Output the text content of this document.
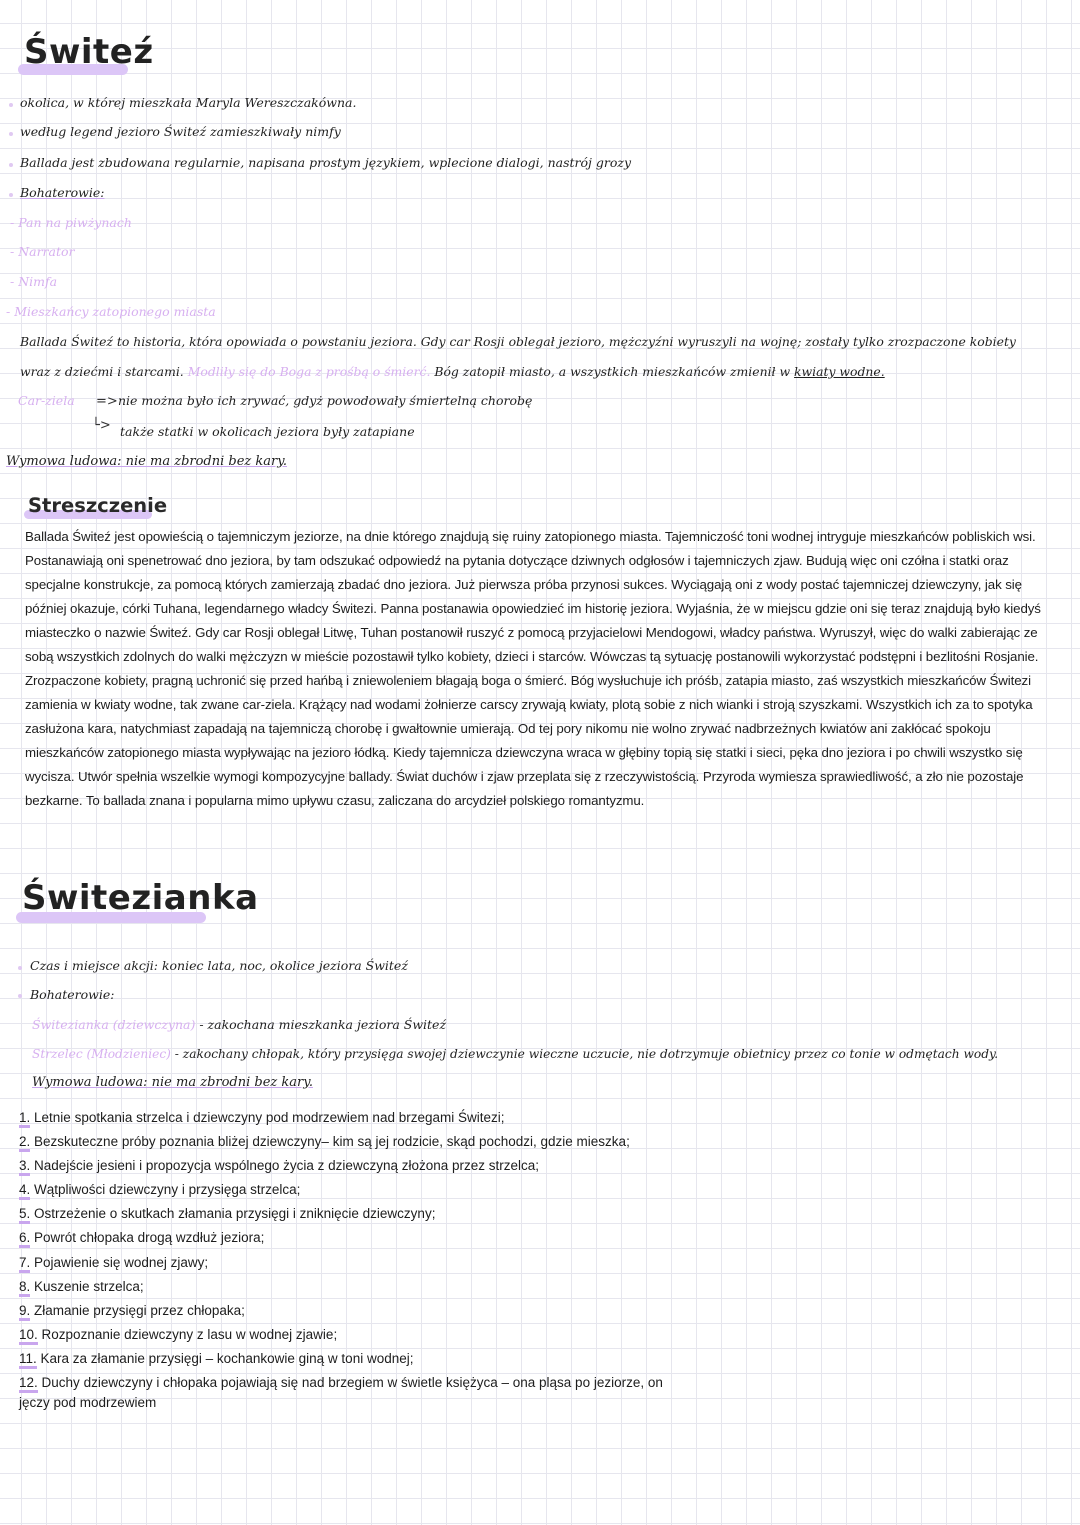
Świteź
okolica, w której mieszkała Maryla Wereszczakówna.
według legend jezioro Świteź zamieszkiwały nimfy
Ballada jest zbudowana regularnie, napisana prostym językiem, wplecione dialogi, nastrój grozy
Bohaterowie:
- Pan na piwżynach
- Narrator
- Nimfa
- Mieszkańcy zatopionego miasta
Ballada Świteź to historia, która opowiada o powstaniu jeziora. Gdy car Rosji oblegał jezioro, mężczyźni wyruszyli na wojnę; zostały tylko zrozpaczone kobiety
wraz z dziećmi i starcami. Modliły się do Boga z prośbą o śmierć. Bóg zatopił miasto, a wszystkich mieszkańców zmienił w kwiaty wodne.
Car-ziela => nie można było ich zrywać, gdyż powodowały śmiertelną chorobę
└> także statki w okolicach jeziora były zatapiane
Wymowa ludowa: nie ma zbrodni bez kary.
Streszczenie

Ballada Świteź jest opowieścią o tajemniczym jeziorze, na dnie którego znajdują się ruiny zatopionego miasta. Tajemniczość toni wodnej intryguje mieszkańców pobliskich wsi. Postanawiają oni spenetrować dno jeziora, by tam odszukać odpowiedź na pytania dotyczące dziwnych odgłosów i tajemniczych zjaw. Budują więc oni czółna i statki oraz specjalne konstrukcje, za pomocą których zamierzają zbadać dno jeziora. Już pierwsza próba przynosi sukces. Wyciągają oni z wody postać tajemniczej dziewczyny, jak się później okazuje, córki Tuhana, legendarnego władcy Świtezi. Panna postanawia opowiedzieć im historię jeziora. Wyjaśnia, że w miejscu gdzie oni się teraz znajdują było kiedyś miasteczko o nazwie Świteź. Gdy car Rosji oblegał Litwę, Tuhan postanowił ruszyć z pomocą przyjacielowi Mendogowi, władcy państwa. Wyruszył, więc do walki zabierając ze sobą wszystkich zdolnych do walki mężczyzn w mieście pozostawił tylko kobiety, dzieci i starców. Wówczas tą sytuację postanowili wykorzystać podstępni i bezlitośni Rosjanie. Zrozpaczone kobiety, pragną uchronić się przed hańbą i zniewoleniem błagają boga o śmierć. Bóg wysłuchuje ich próśb, zatapia miasto, zaś wszystkich mieszkańców Świtezi zamienia w kwiaty wodne, tak zwane car-ziela. Krążący nad wodami żołnierze carscy zrywają kwiaty, plotą sobie z nich wianki i stroją szyszkami. Wszystkich ich za to spotyka zasłużona kara, natychmiast zapadają na tajemniczą chorobę i gwałtownie umierają. Od tej pory nikomu nie wolno zrywać nadbrzeżnych kwiatów ani zakłócać spokoju mieszkańców zatopionego miasta wypływając na jezioro łódką. Kiedy tajemnicza dziewczyna wraca w głębiny topią się statki i sieci, pęka dno jeziora i po chwili wszystko się wycisza. Utwór spełnia wszelkie wymogi kompozycyjne ballady. Świat duchów i zjaw przeplata się z rzeczywistością. Przyroda wymiesza sprawiedliwość, a zło nie pozostaje bezkarne. To ballada znana i popularna mimo upływu czasu, zaliczana do arcydzieł polskiego romantyzmu.

Świtezianka
Czas i miejsce akcji: koniec lata, noc, okolice jeziora Świteź
Bohaterowie:
Świtezianka (dziewczyna) - zakochana mieszkanka jeziora Świteź
Strzelec (Młodzieniec) - zakochany chłopak, który przysięga swojej dziewczynie wieczne uczucie, nie dotrzymuje obietnicy przez co tonie w odmętach wody.
Wymowa ludowa: nie ma zbrodni bez kary.
1. Letnie spotkania strzelca i dziewczyny pod modrzewiem nad brzegami Świtezi;
2. Bezskuteczne próby poznania bliżej dziewczyny– kim są jej rodzicie, skąd pochodzi, gdzie mieszka;
3. Nadejście jesieni i propozycja wspólnego życia z dziewczyną złożona przez strzelca;
4. Wątpliwości dziewczyny i przysięga strzelca;
5. Ostrzeżenie o skutkach złamania przysięgi i zniknięcie dziewczyny;
6. Powrót chłopaka drogą wzdłuż jeziora;
7. Pojawienie się wodnej zjawy;
8. Kuszenie strzelca;
9. Złamanie przysięgi przez chłopaka;
10. Rozpoznanie dziewczyny z lasu w wodnej zjawie;
11. Kara za złamanie przysięgi – kochankowie giną w toni wodnej;
12. Duchy dziewczyny i chłopaka pojawiają się nad brzegiem w świetle księżyca – ona pląsa po jeziorze, on
jęczy pod modrzewiem
